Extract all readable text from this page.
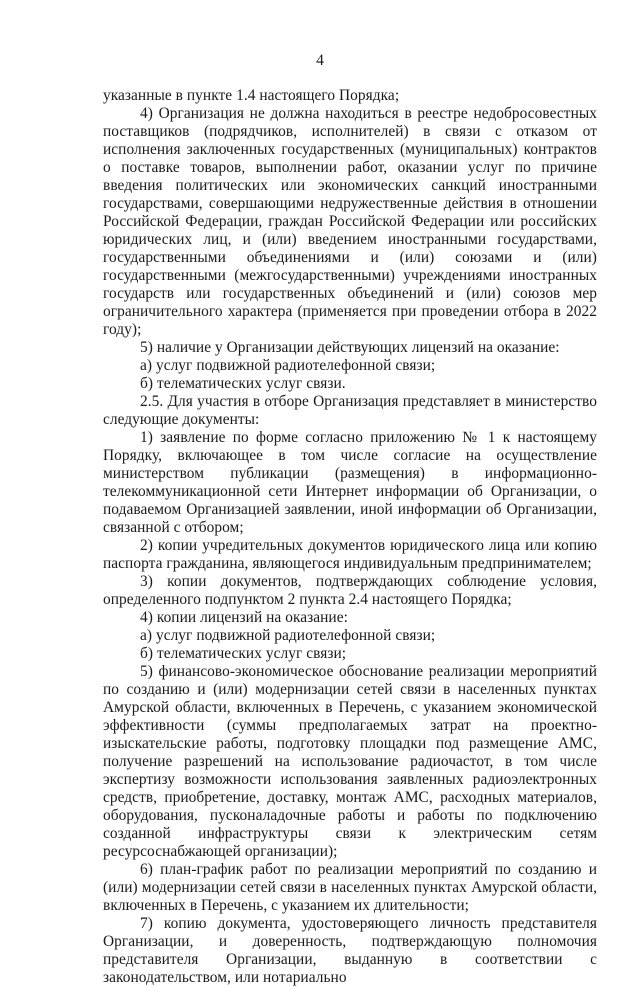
4

указанные в пункте 1.4 настоящего Порядка;

4) Организация не должна находиться в реестре недобросовестных поставщиков (подрядчиков, исполнителей) в связи с отказом от исполнения заключенных государственных (муниципальных) контрактов о поставке товаров, выполнении работ, оказании услуг по причине введения политических или экономических санкций иностранными государствами, совершающими недружественные действия в отношении Российской Федерации, граждан Российской Федерации или российских юридических лиц, и (или) введением иностранными государствами, государственными объединениями и (или) союзами и (или) государственными (межгосударственными) учреждениями иностранных государств или государственных объединений и (или) союзов мер ограничительного характера (применяется при проведении отбора в 2022 году);

5) наличие у Организации действующих лицензий на оказание:

а) услуг подвижной радиотелефонной связи;

б) телематических услуг связи.

2.5. Для участия в отборе Организация представляет в министерство следующие документы:

1) заявление по форме согласно приложению № 1 к настоящему Порядку, включающее в том числе согласие на осуществление министерством публикации (размещения) в информационно-телекоммуникационной сети Интернет информации об Организации, о подаваемом Организацией заявлении, иной информации об Организации, связанной с отбором;

2) копии учредительных документов юридического лица или копию паспорта гражданина, являющегося индивидуальным предпринимателем;

3) копии документов, подтверждающих соблюдение условия, определенного подпунктом 2 пункта 2.4 настоящего Порядка;

4) копии лицензий на оказание:

а) услуг подвижной радиотелефонной связи;

б) телематических услуг связи;

5) финансово-экономическое обоснование реализации мероприятий по созданию и (или) модернизации сетей связи в населенных пунктах Амурской области, включенных в Перечень, с указанием экономической эффективности (суммы предполагаемых затрат на проектно-изыскательские работы, подготовку площадки под размещение АМС, получение разрешений на использование радиочастот, в том числе экспертизу возможности использования заявленных радиоэлектронных средств, приобретение, доставку, монтаж АМС, расходных материалов, оборудования, пусконаладочные работы и работы по подключению созданной инфраструктуры связи к электрическим сетям ресурсоснабжающей организации);

6) план-график работ по реализации мероприятий по созданию и (или) модернизации сетей связи в населенных пунктах Амурской области, включенных в Перечень, с указанием их длительности;

7) копию документа, удостоверяющего личность представителя Организации, и доверенность, подтверждающую полномочия представителя Организации, выданную в соответствии с законодательством, или нотариально
